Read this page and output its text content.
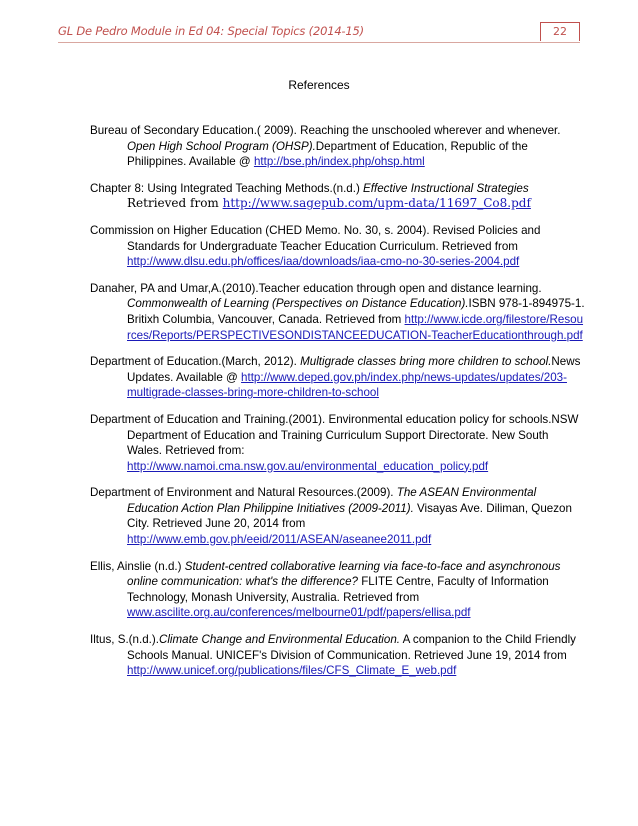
GL De Pedro Module in Ed 04: Special Topics (2014-15)	22
References
Bureau of Secondary Education.( 2009). Reaching the unschooled wherever and whenever. Open High School Program (OHSP).Department of Education, Republic of the Philippines. Available @ http://bse.ph/index.php/ohsp.html
Chapter 8: Using Integrated Teaching Methods.(n.d.) Effective Instructional Strategies
Retrieved from http://www.sagepub.com/upm-data/11697_Co8.pdf
Commission on Higher Education (CHED Memo. No. 30, s. 2004). Revised Policies and Standards for Undergraduate Teacher Education Curriculum. Retrieved from http://www.dlsu.edu.ph/offices/iaa/downloads/iaa-cmo-no-30-series-2004.pdf
Danaher, PA and Umar,A.(2010).Teacher education through open and distance learning. Commonwealth of Learning (Perspectives on Distance Education).ISBN 978-1-894975-1. Britixh Columbia, Vancouver, Canada. Retrieved from http://www.icde.org/filestore/Resources/Reports/PERSPECTIVESONDISTANCEEDUCATION-TeacherEducationthrough.pdf
Department of Education.(March, 2012). Multigrade classes bring more children to school.News Updates. Available @ http://www.deped.gov.ph/index.php/news-updates/updates/203-multigrade-classes-bring-more-children-to-school
Department of Education and Training.(2001). Environmental education policy for schools.NSW Department of Education and Training Curriculum Support Directorate. New South Wales. Retrieved from: http://www.namoi.cma.nsw.gov.au/environmental_education_policy.pdf
Department of Environment and Natural Resources.(2009). The ASEAN Environmental Education Action Plan Philippine Initiatives (2009-2011). Visayas Ave. Diliman, Quezon City. Retrieved June 20, 2014 from http://www.emb.gov.ph/eeid/2011/ASEAN/aseanee2011.pdf
Ellis, Ainslie (n.d.) Student-centred collaborative learning via face-to-face and asynchronous online communication: what's the difference? FLITE Centre, Faculty of Information Technology, Monash University, Australia. Retrieved from www.ascilite.org.au/conferences/melbourne01/pdf/papers/ellisa.pdf
Iltus, S.(n.d.).Climate Change and Environmental Education. A companion to the Child Friendly Schools Manual. UNICEF's Division of Communication. Retrieved June 19, 2014 from http://www.unicef.org/publications/files/CFS_Climate_E_web.pdf
